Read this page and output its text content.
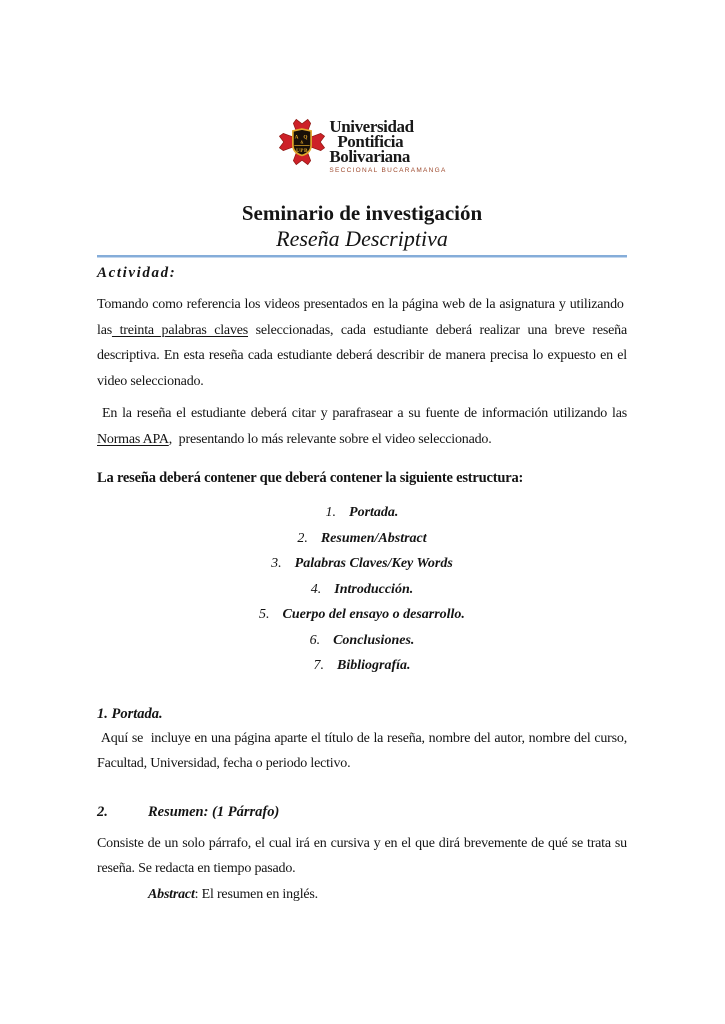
A Q
&
UPB
Universidad
Pontificia
Bolivariana
SECCIONAL BUCARAMANGA
Seminario de investigación
Reseña Descriptiva
Actividad:

Tomando como referencia los videos presentados en la página web de la asignatura y utilizando  las treinta palabras claves seleccionadas, cada estudiante deberá realizar una breve reseña descriptiva. En esta reseña cada estudiante deberá describir de manera precisa lo expuesto en el video seleccionado.

En la reseña el estudiante deberá citar y parafrasear a su fuente de información utilizando las Normas APA,  presentando lo más relevante sobre el video seleccionado.

La reseña deberá contener que deberá contener la siguiente estructura:
1. Portada.
2. Resumen/Abstract
3. Palabras Claves/Key Words
4. Introducción.
5. Cuerpo del ensayo o desarrollo.
6. Conclusiones.
7. Bibliografía.
1. Portada.

Aquí se  incluye en una página aparte el título de la reseña, nombre del autor, nombre del curso, Facultad, Universidad, fecha o periodo lectivo.

2.	Resumen: (1 Párrafo)

Consiste de un solo párrafo, el cual irá en cursiva y en el que dirá brevemente de qué se trata su reseña. Se redacta en tiempo pasado.

Abstract: El resumen en inglés.
